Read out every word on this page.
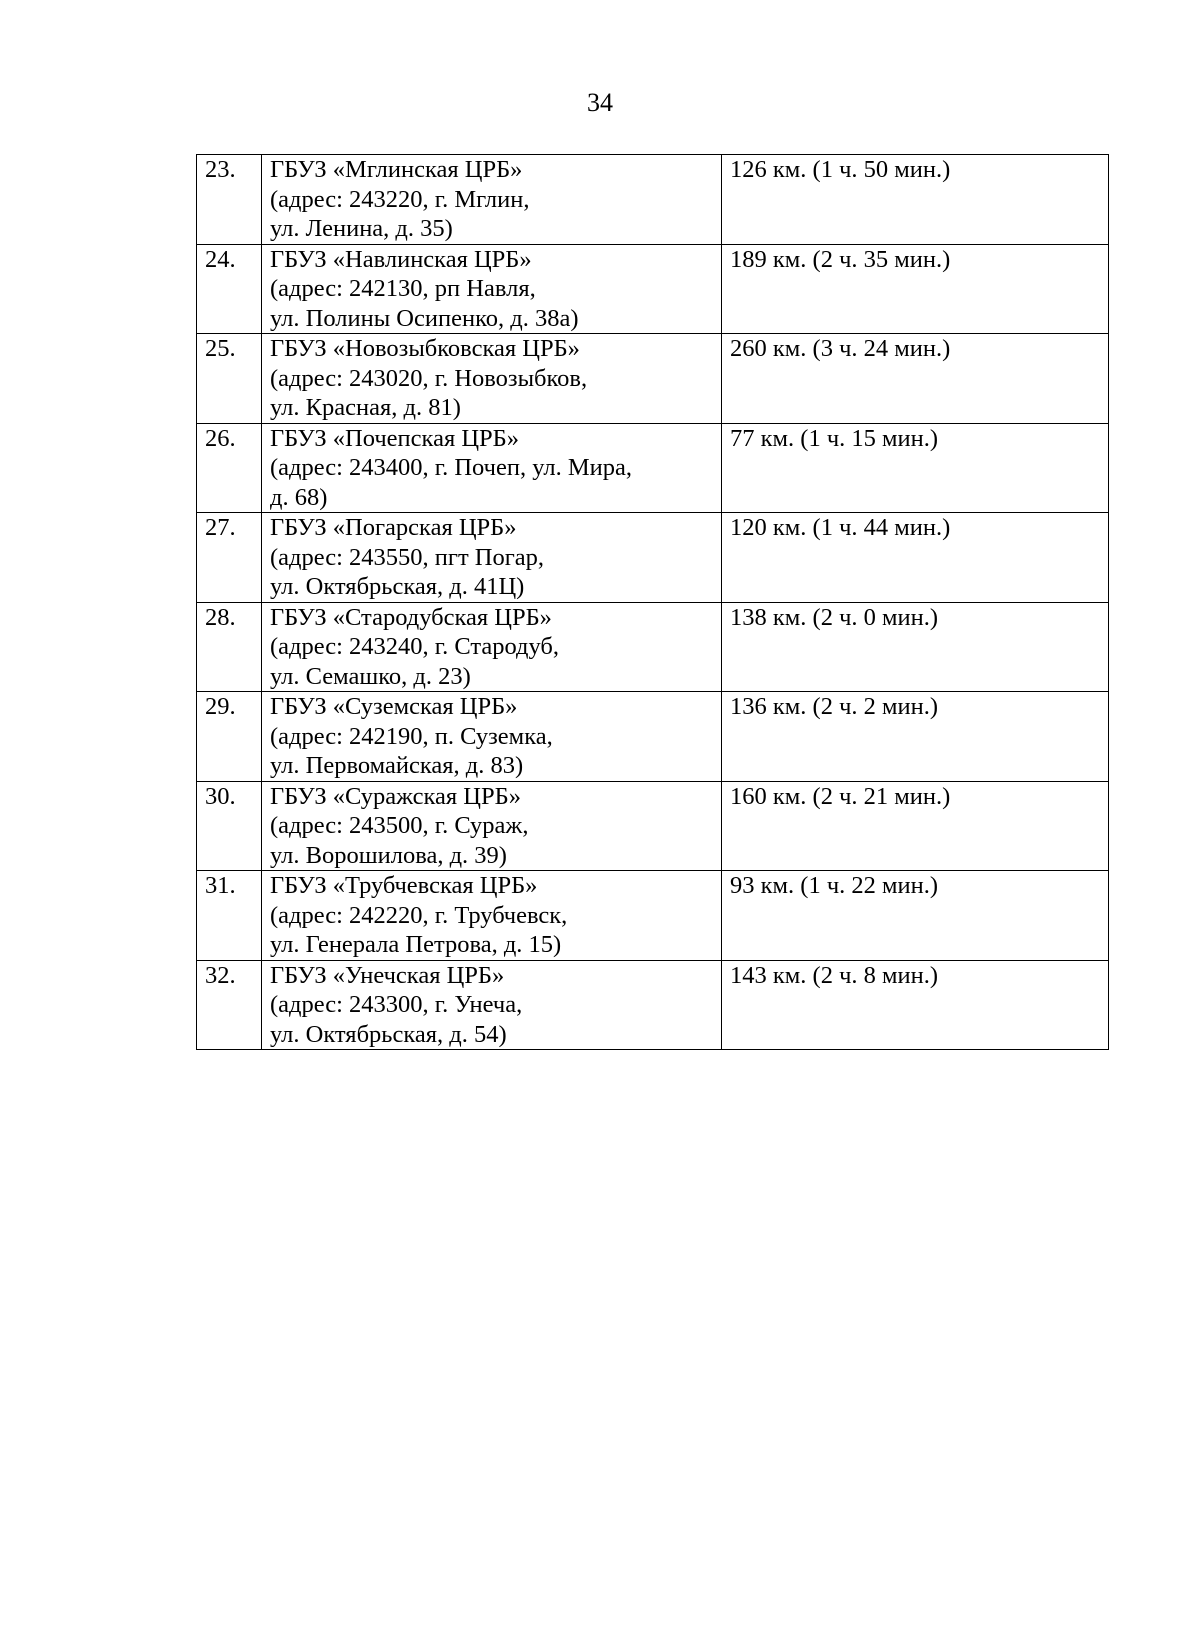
34
23.	ГБУЗ «Мглинская ЦРБ»
(адрес: 243220, г. Мглин,
ул. Ленина, д. 35)	126 км. (1 ч. 50 мин.)
24.	ГБУЗ «Навлинская ЦРБ»
(адрес: 242130, рп Навля,
ул. Полины Осипенко, д. 38а)	189 км. (2 ч. 35 мин.)
25.	ГБУЗ «Новозыбковская ЦРБ»
(адрес: 243020, г. Новозыбков,
ул. Красная, д. 81)	260 км. (3 ч. 24 мин.)
26.	ГБУЗ «Почепская ЦРБ»
(адрес: 243400, г. Почеп, ул. Мира,
д. 68)	77 км. (1 ч. 15 мин.)
27.	ГБУЗ «Погарская ЦРБ»
(адрес: 243550, пгт Погар,
ул. Октябрьская, д. 41Ц)	120 км. (1 ч. 44 мин.)
28.	ГБУЗ «Стародубская ЦРБ»
(адрес: 243240, г. Стародуб,
ул. Семашко, д. 23)	138 км. (2 ч. 0 мин.)
29.	ГБУЗ «Суземская ЦРБ»
(адрес: 242190, п. Суземка,
ул. Первомайская, д. 83)	136 км. (2 ч. 2 мин.)
30.	ГБУЗ «Суражская ЦРБ»
(адрес: 243500, г. Сураж,
ул. Ворошилова, д. 39)	160 км. (2 ч. 21 мин.)
31.	ГБУЗ «Трубчевская ЦРБ»
(адрес: 242220, г. Трубчевск,
ул. Генерала Петрова, д. 15)	93 км. (1 ч. 22 мин.)
32.	ГБУЗ «Унечская ЦРБ»
(адрес: 243300, г. Унеча,
ул. Октябрьская, д. 54)	143 км. (2 ч. 8 мин.)
